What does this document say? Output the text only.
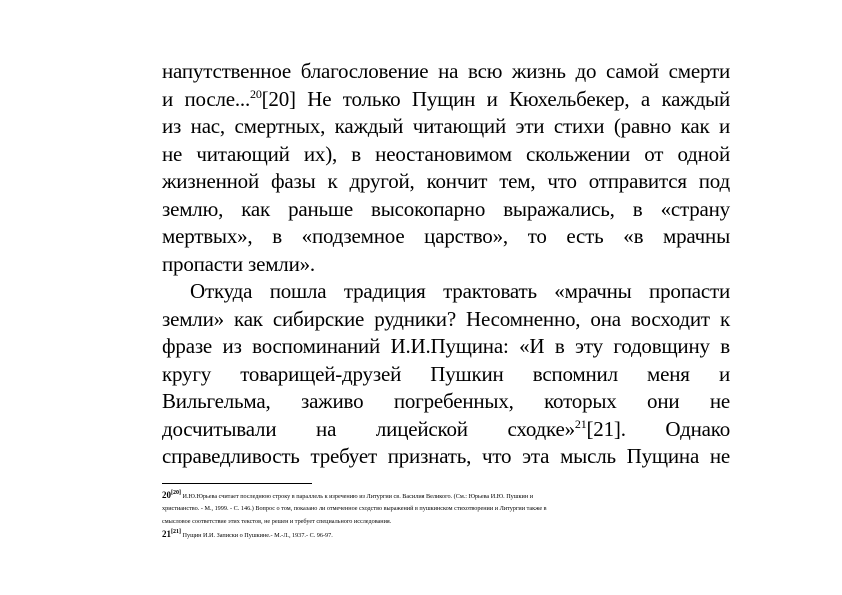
напутственное благословение на всю жизнь до самой смерти
и после...$^{20}$[20] Не только Пущин и Кюхельбекер, а каждый
из нас, смертных, каждый читающий эти стихи (равно как и
не читающий их), в неостановимом скольжении от одной
жизненной фазы к другой, кончит тем, что отправится под
землю, как раньше высокопарно выражались, в «страну
мертвых», в «подземное царство», то есть «в мрачны
пропасти земли».
Откуда пошла традиция трактовать «мрачны пропасти
земли» как сибирские рудники? Несомненно, она восходит к
фразе из воспоминаний И.И.Пущина: «И в эту годовщину в
кругу товарищей-друзей Пушкин вспомнил меня и
Вильгельма, заживо погребенных, которых они не
досчитывали на лицейской сходке»$^{21}$[21]. Однако
справедливость требует признать, что эта мысль Пущина не
20[20] И.Ю.Юрьева считает последнюю строку в параллель к изречению из Литургии св. Василия Великого. (См.: Юрьева И.Ю. Пушкин и
христианство. - М., 1999. - С. 146.) Вопрос о том, показано ли отмеченное сходство выражений в пушкинском стихотворении и Литургии также в
смысловое соответствие этих текстов, не решен и требует специального исследования.
21[21] Пущин И.И. Записки о Пушкине.- М.-Л., 1937.- С. 96-97.
